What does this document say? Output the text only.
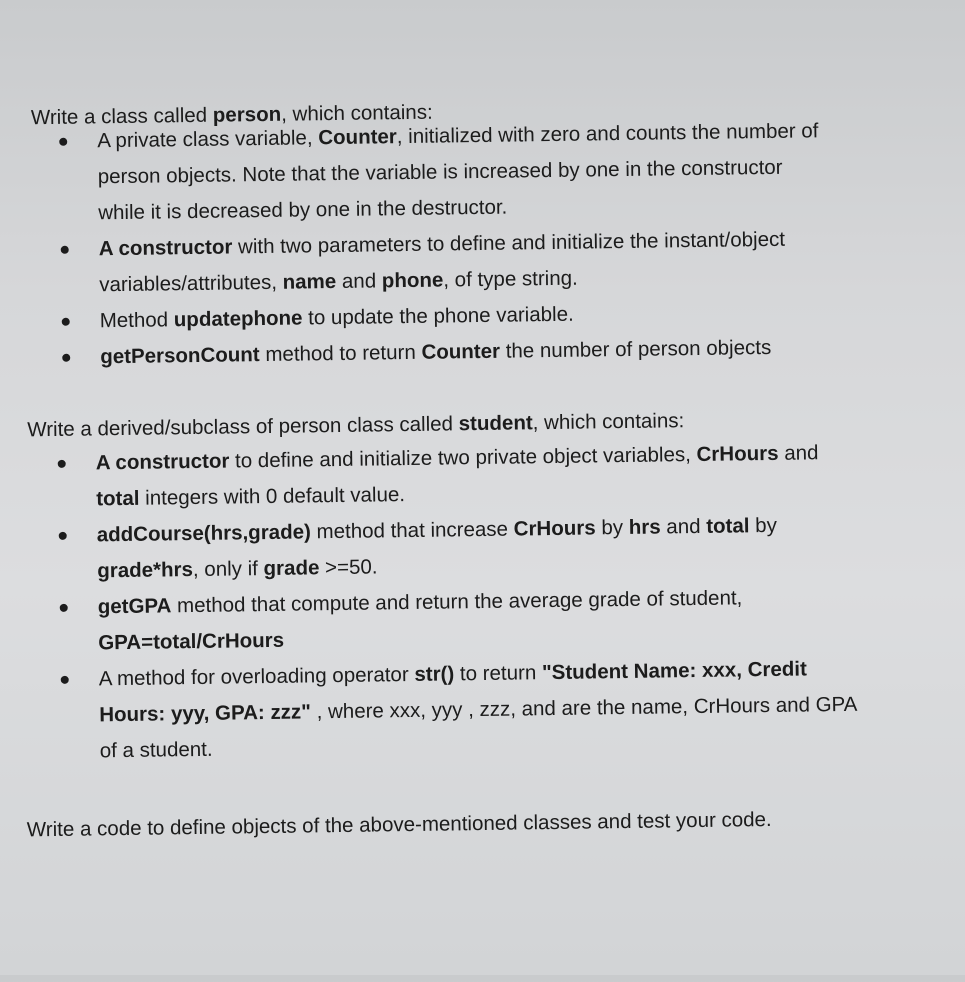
Write a class called person, which contains:
A private class variable, Counter, initialized with zero and counts the number of
person objects. Note that the variable is increased by one in the constructor
while it is decreased by one in the destructor.
A constructor with two parameters to define and initialize the instant/object
variables/attributes, name and phone, of type string.
Method updatephone to update the phone variable.
getPersonCount method to return Counter the number of person objects
Write a derived/subclass of person class called student, which contains:
A constructor to define and initialize two private object variables, CrHours and
total integers with 0 default value.
addCourse(hrs,grade) method that increase CrHours by hrs and total by
grade*hrs, only if grade >=50.
getGPA method that compute and return the average grade of student,
GPA=total/CrHours
A method for overloading operator str() to return "Student Name: xxx, Credit
Hours: yyy, GPA: zzz" , where xxx, yyy , zzz, and are the name, CrHours and GPA
of a student.
Write a code to define objects of the above-mentioned classes and test your code.
